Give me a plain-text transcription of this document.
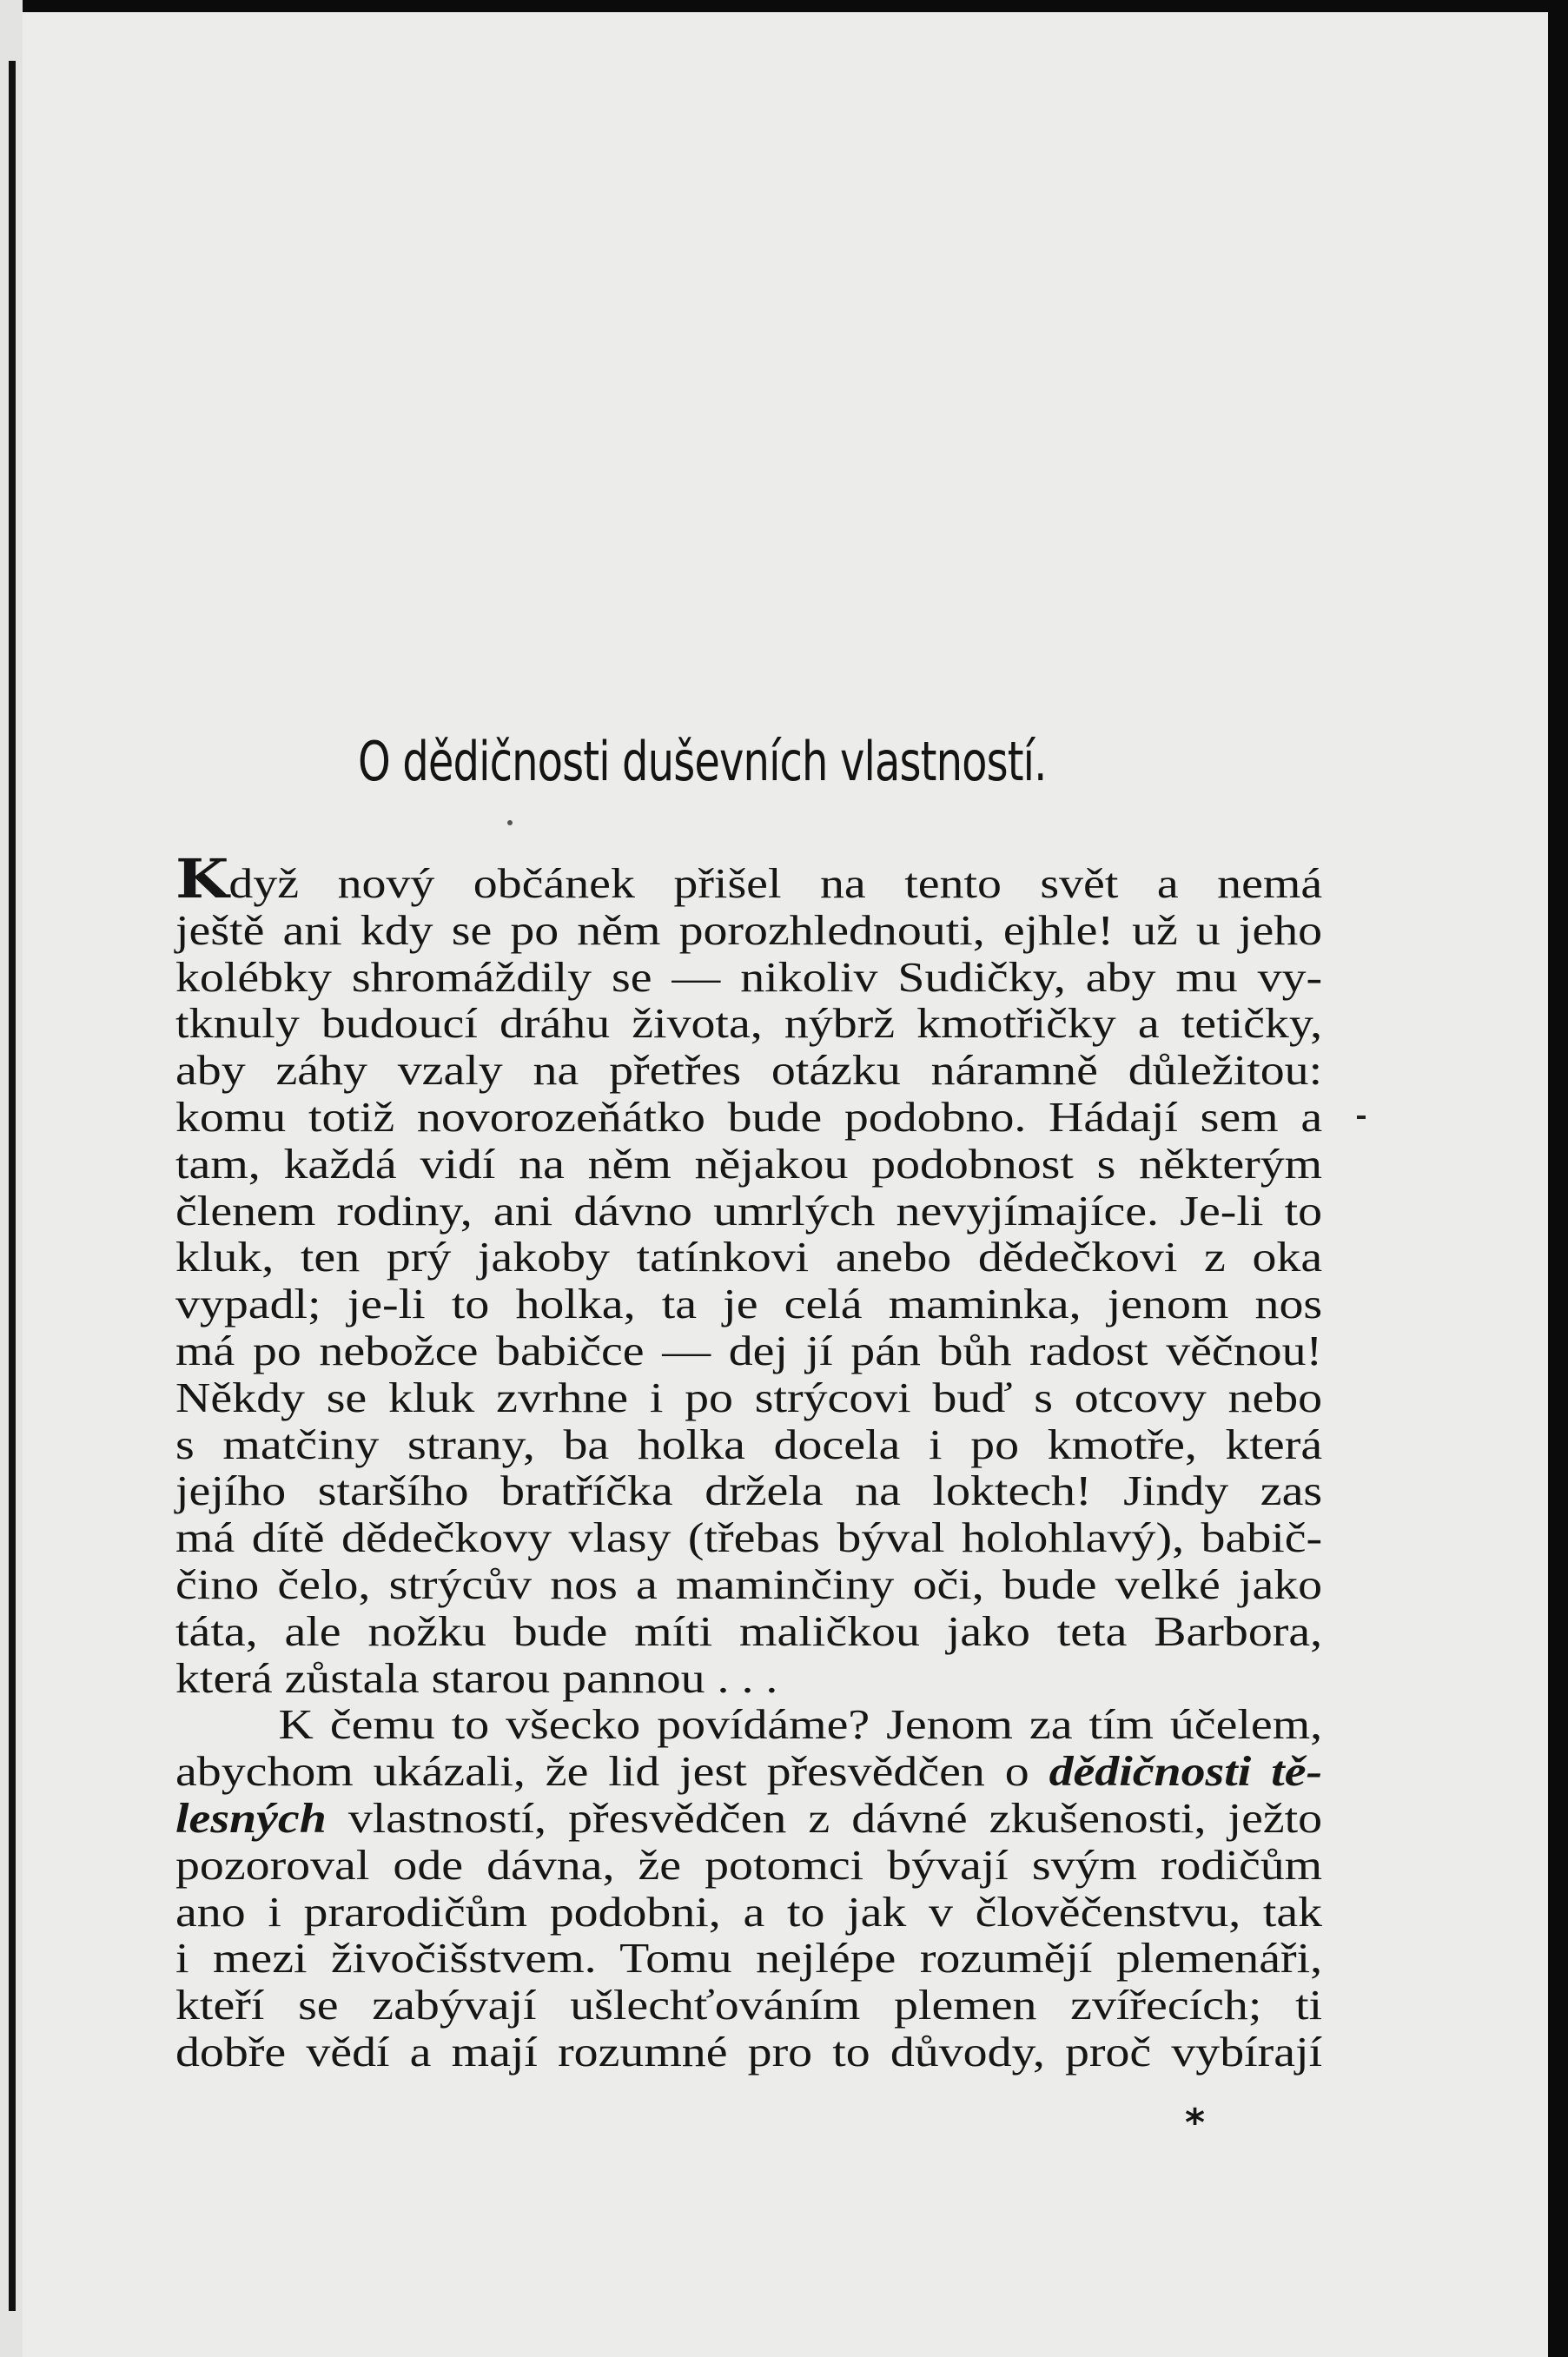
O dědičnosti duševních vlastností.
Když nový občánek přišel na tento svět a nemá
ještě ani kdy se po něm porozhlednouti, ejhle! už u jeho
kolébky shromáždily se — nikoliv Sudičky, aby mu vy-
tknuly budoucí dráhu života, nýbrž kmotřičky a tetičky,
aby záhy vzaly na přetřes otázku náramně důležitou:
komu totiž novorozeňátko bude podobno. Hádají sem a
tam, každá vidí na něm nějakou podobnost s některým
členem rodiny, ani dávno umrlých nevyjímajíce. Je-li to
kluk, ten prý jakoby tatínkovi anebo dědečkovi z oka
vypadl; je-li to holka, ta je celá maminka, jenom nos
má po nebožce babičce — dej jí pán bůh radost věčnou!
Někdy se kluk zvrhne i po strýcovi buď s otcovy nebo
s matčiny strany, ba holka docela i po kmotře, která
jejího staršího bratříčka držela na loktech! Jindy zas
má dítě dědečkovy vlasy (třebas býval holohlavý), babič-
čino čelo, strýcův nos a maminčiny oči, bude velké jako
táta, ale nožku bude míti maličkou jako teta Barbora,
která zůstala starou pannou . . .
K čemu to všecko povídáme? Jenom za tím účelem,
abychom ukázali, že lid jest přesvědčen o dědičnosti tě-
lesných vlastností, přesvědčen z dávné zkušenosti, ježto
pozoroval ode dávna, že potomci bývají svým rodičům
ano i prarodičům podobni, a to jak v člověčenstvu, tak
i mezi živočišstvem. Tomu nejlépe rozumějí plemenáři,
kteří se zabývají ušlechťováním plemen zvířecích; ti
dobře vědí a mají rozumné pro to důvody, proč vybírají
*
